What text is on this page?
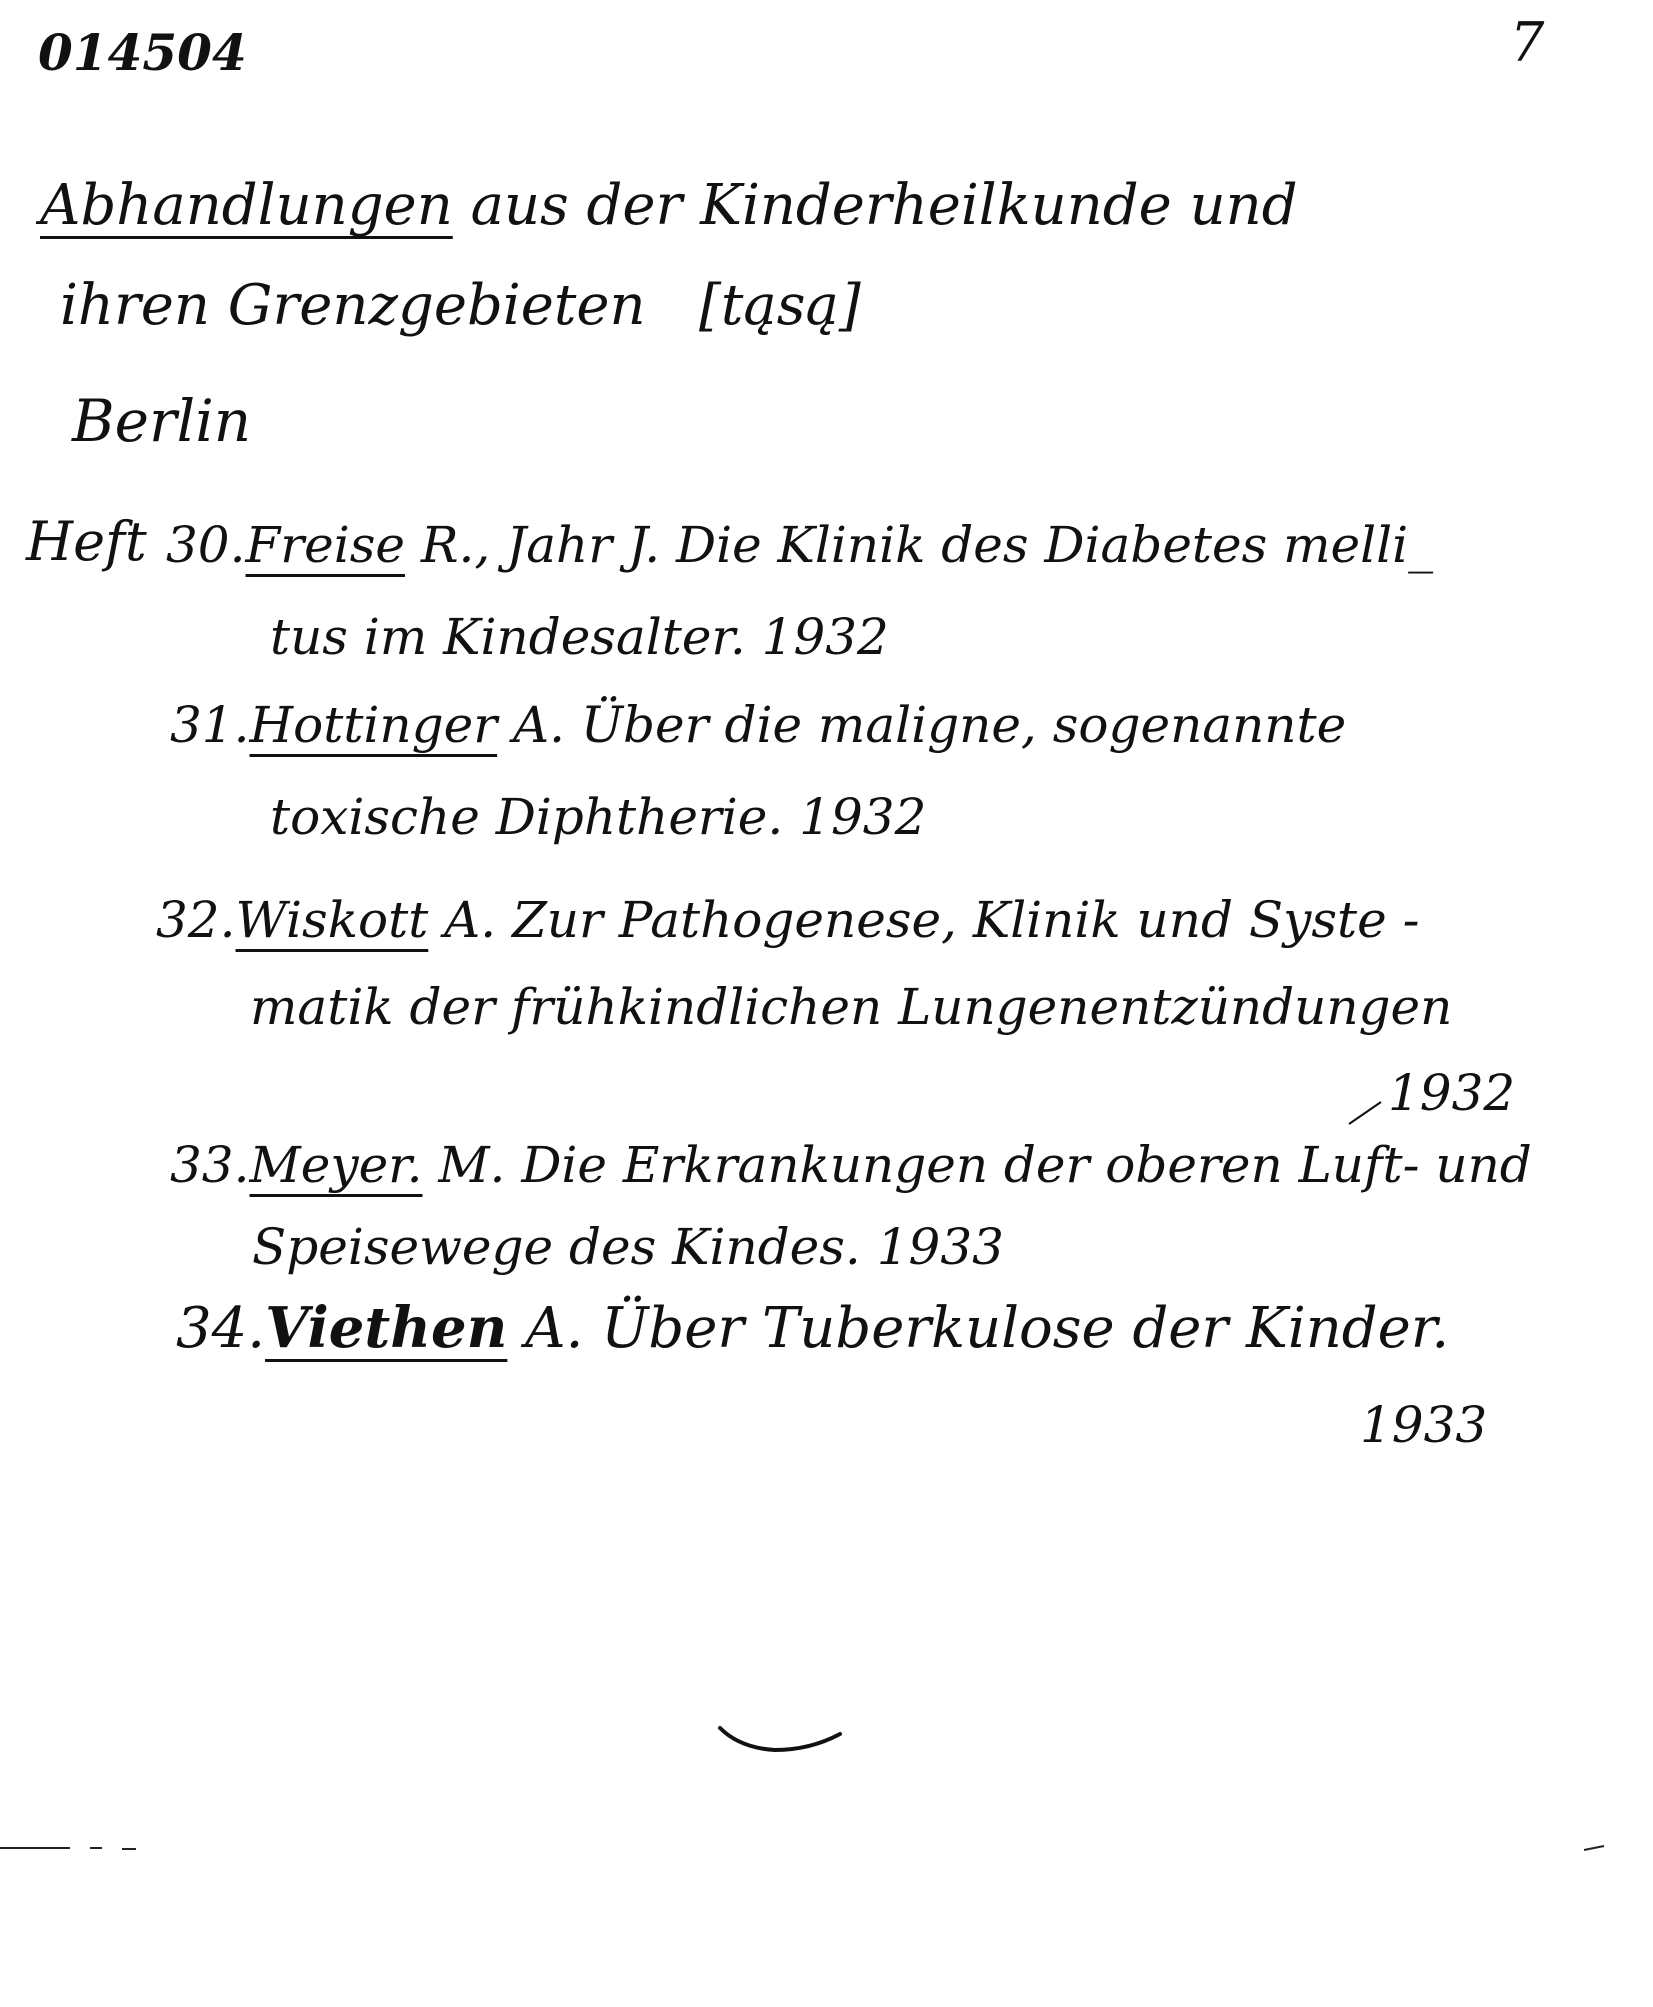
014504	7
Abhandlungen aus der Kinderheilkunde und
ihren Grenzgebieten [tąsą]
Berlin
Heft 30.Freise R., Jahr J. Die Klinik des Diabetes melli_
tus im Kindesalter. 1932
31.Hottinger A. Über die maligne, sogenannte
toxische Diphtherie. 1932
32.Wiskott A. Zur Pathogenese, Klinik und Syste -
matik der frühkindlichen Lungenentzündungen
1932
33.Meyer. M. Die Erkrankungen der oberen Luft- und
Speisewege des Kindes. 1933
34.Viethen A. Über Tuberkulose der Kinder.
1933
